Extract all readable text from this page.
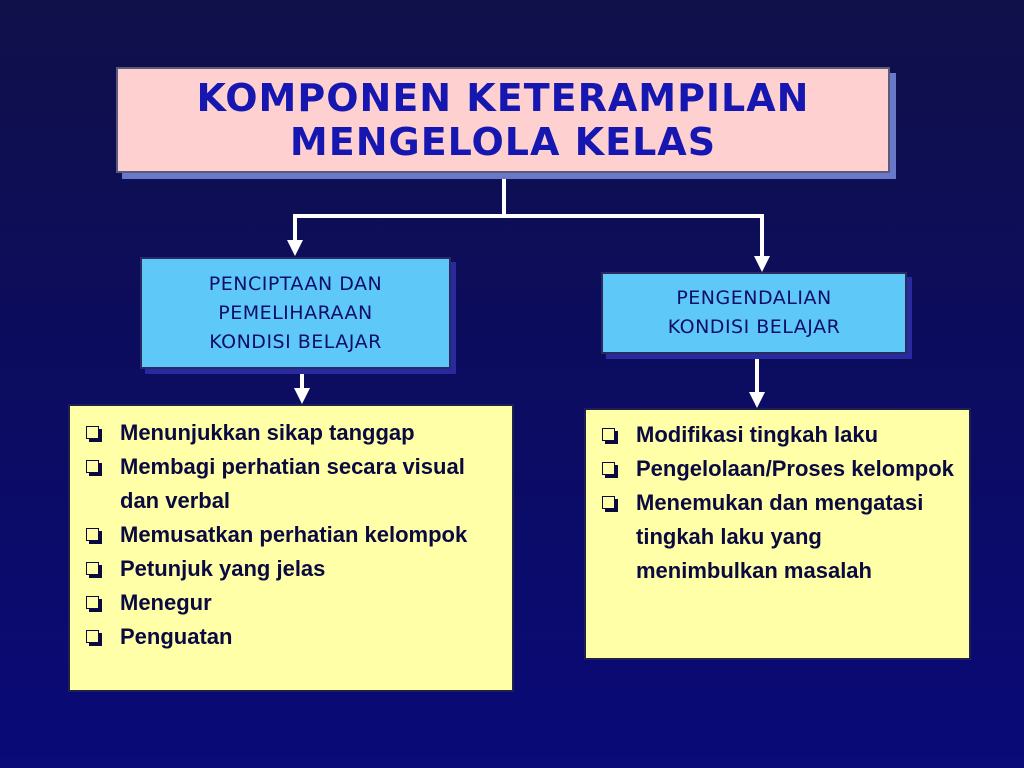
KOMPONEN KETERAMPILAN
MENGELOLA KELAS
PENCIPTAAN DAN
PEMELIHARAAN
KONDISI BELAJAR
PENGENDALIAN
KONDISI BELAJAR
Menunjukkan sikap tanggap
Membagi perhatian secara visual dan verbal
Memusatkan perhatian kelompok
Petunjuk yang jelas
Menegur
Penguatan
Modifikasi tingkah laku
Pengelolaan/Proses kelompok
Menemukan dan mengatasi tingkah laku yang menimbulkan masalah
